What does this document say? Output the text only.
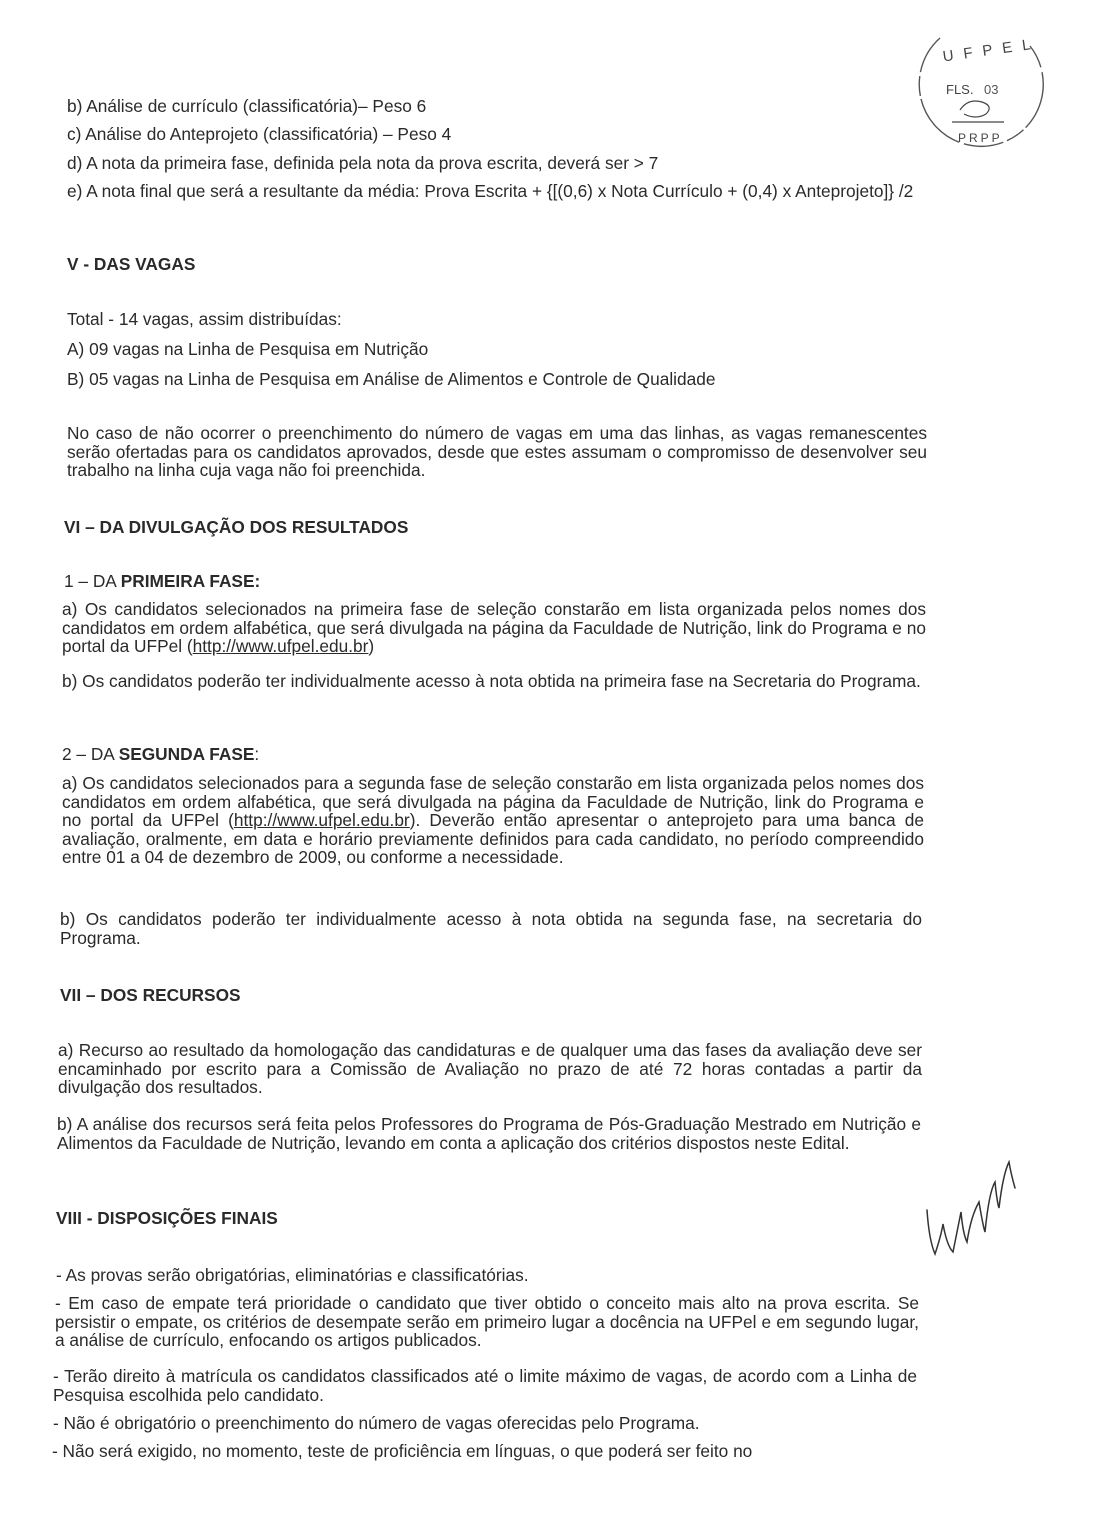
b) Análise de currículo (classificatória)– Peso 6
c) Análise do Anteprojeto (classificatória) – Peso 4
d) A nota da primeira fase, definida pela nota da prova escrita, deverá ser > 7
e) A nota final que será a resultante da média: Prova Escrita + {[(0,6) x Nota Currículo + (0,4) x Anteprojeto]} /2
V - DAS VAGAS
Total - 14 vagas, assim distribuídas:
A) 09 vagas na Linha de Pesquisa em Nutrição
B) 05 vagas na Linha de Pesquisa em Análise de Alimentos e Controle de Qualidade
No caso de não ocorrer o preenchimento do número de vagas em uma das linhas, as vagas remanescentes serão ofertadas para os candidatos aprovados, desde que estes assumam o compromisso de desenvolver seu trabalho na linha cuja vaga não foi preenchida.
VI – DA DIVULGAÇÃO DOS RESULTADOS
1 – DA PRIMEIRA FASE:
a) Os candidatos selecionados na primeira fase de seleção constarão em lista organizada pelos nomes dos candidatos em ordem alfabética, que será divulgada na página da Faculdade de Nutrição, link do Programa e no portal da UFPel (http://www.ufpel.edu.br)
b) Os candidatos poderão ter individualmente acesso à nota obtida na primeira fase na Secretaria do Programa.
2 – DA SEGUNDA FASE:
a) Os candidatos selecionados para a segunda fase de seleção constarão em lista organizada pelos nomes dos candidatos em ordem alfabética, que será divulgada na página da Faculdade de Nutrição, link do Programa e no portal da UFPel (http://www.ufpel.edu.br). Deverão então apresentar o anteprojeto para uma banca de avaliação, oralmente, em data e horário previamente definidos para cada candidato, no período compreendido entre 01 a 04 de dezembro de 2009, ou conforme a necessidade.
b) Os candidatos poderão ter individualmente acesso à nota obtida na segunda fase, na secretaria do Programa.
VII – DOS RECURSOS
a) Recurso ao resultado da homologação das candidaturas e de qualquer uma das fases da avaliação deve ser encaminhado por escrito para a Comissão de Avaliação no prazo de até 72 horas contadas a partir da divulgação dos resultados.
b) A análise dos recursos será feita pelos Professores do Programa de Pós-Graduação Mestrado em Nutrição e Alimentos da Faculdade de Nutrição, levando em conta a aplicação dos critérios dispostos neste Edital.
VIII - DISPOSIÇÕES FINAIS
- As provas serão obrigatórias, eliminatórias e classificatórias.
- Em caso de empate terá prioridade o candidato que tiver obtido o conceito mais alto na prova escrita. Se persistir o empate, os critérios de desempate serão em primeiro lugar a docência na UFPel e em segundo lugar, a análise de currículo, enfocando os artigos publicados.
- Terão direito à matrícula os candidatos classificados até o limite máximo de vagas, de acordo com a Linha de Pesquisa escolhida pelo candidato.
- Não é obrigatório o preenchimento do número de vagas oferecidas pelo Programa.
- Não será exigido, no momento, teste de proficiência em línguas, o que poderá ser feito no
UFPEL
FLS. 03
PRPP
